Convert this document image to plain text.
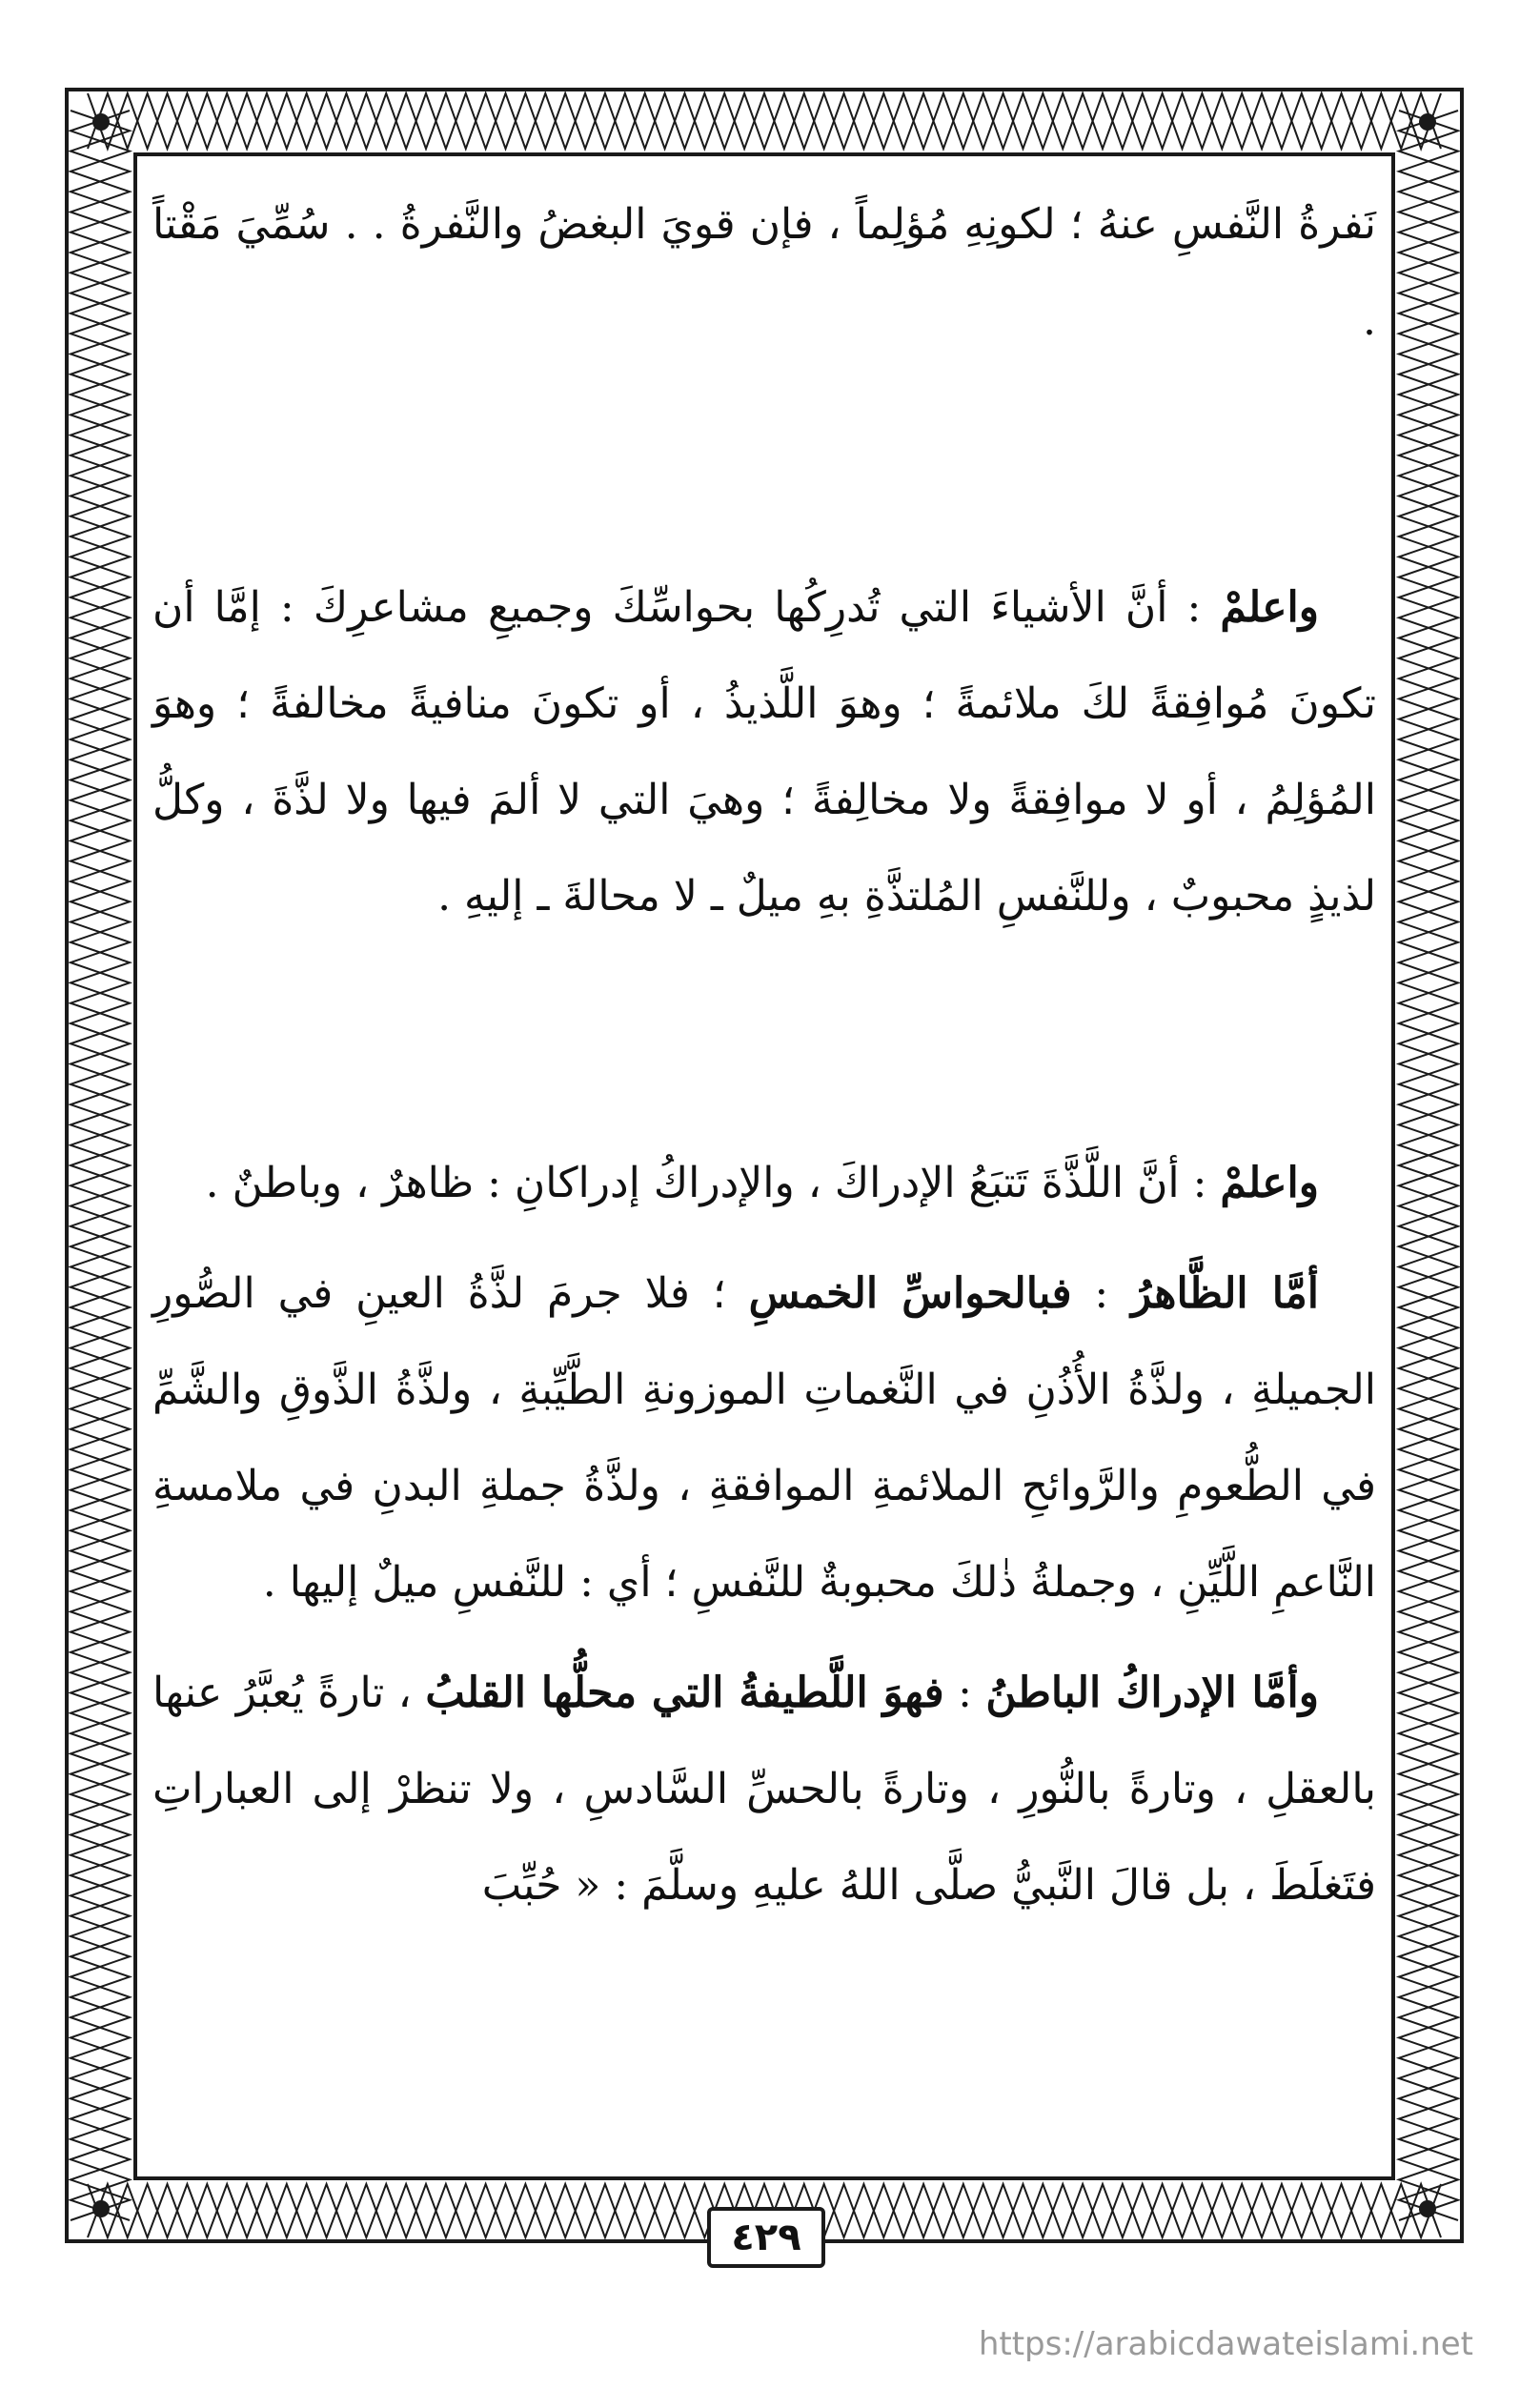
نَفرةُ النَّفسِ عنهُ ؛ لكونِهِ مُؤلِماً ، فإن قويَ البغضُ والنَّفرةُ . . سُمِّيَ مَقْتاً .

واعلمْ : أنَّ الأشياءَ التي تُدرِكُها بحواسِّكَ وجميعِ مشاعرِكَ : إمَّا أن تكونَ مُوافِقةً لكَ ملائمةً ؛ وهوَ اللَّذيذُ ، أو تكونَ منافيةً مخالفةً ؛ وهوَ المُؤلِمُ ، أو لا موافِقةً ولا مخالِفةً ؛ وهيَ التي لا ألمَ فيها ولا لذَّةَ ، وكلُّ لذيذٍ محبوبٌ ، وللنَّفسِ المُلتذَّةِ بهِ ميلٌ ـ لا محالةَ ـ إليهِ .

واعلمْ : أنَّ اللَّذَّةَ تَتبَعُ الإدراكَ ، والإدراكُ إدراكانِ : ظاهرٌ ، وباطنٌ .

أمَّا الظَّاهرُ : فبالحواسِّ الخمسِ ؛ فلا جرمَ لذَّةُ العينِ في الصُّورِ الجميلةِ ، ولذَّةُ الأُذُنِ في النَّغماتِ الموزونةِ الطَّيِّبةِ ، ولذَّةُ الذَّوقِ والشَّمِّ في الطُّعومِ والرَّوائحِ الملائمةِ الموافقةِ ، ولذَّةُ جملةِ البدنِ في ملامسةِ النَّاعمِ اللَّيِّنِ ، وجملةُ ذٰلكَ محبوبةٌ للنَّفسِ ؛ أي : للنَّفسِ ميلٌ إليها .

وأمَّا الإدراكُ الباطنُ : فهوَ اللَّطيفةُ التي محلُّها القلبُ ، تارةً يُعبَّرُ عنها بالعقلِ ، وتارةً بالنُّورِ ، وتارةً بالحسِّ السَّادسِ ، ولا تنظرْ إلى العباراتِ فتَغلَطَ ، بل قالَ النَّبيُّ صلَّى اللهُ عليهِ وسلَّمَ : « حُبِّبَ

٤٢٩
https://arabicdawateislami.net
